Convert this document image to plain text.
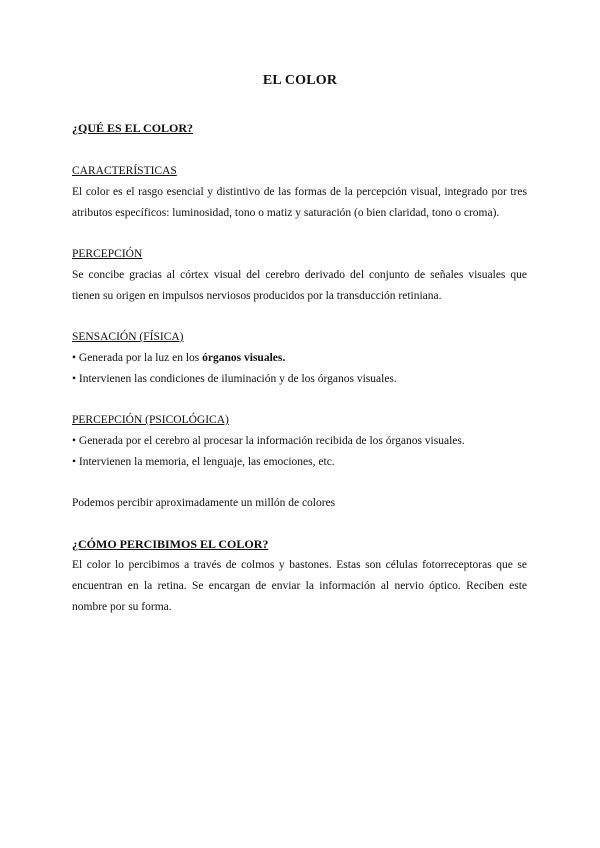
EL COLOR

¿QUÉ ES EL COLOR?

CARACTERÍSTICAS

El color es el rasgo esencial y distintivo de las formas de la percepción visual, integrado por tres atributos específicos: luminosidad, tono o matiz y saturación (o bien claridad, tono o croma).

PERCEPCIÓN

Se concibe gracias al córtex visual del cerebro derivado del conjunto de señales visuales que tienen su origen en impulsos nerviosos producidos por la transducción retiniana.

SENSACIÓN (FÍSICA)

• Generada por la luz en los órganos visuales.

• Intervienen las condiciones de iluminación y de los órganos visuales.

PERCEPCIÓN (PSICOLÓGICA)

• Generada por el cerebro al procesar la información recibida de los órganos visuales.

• Intervienen la memoria, el lenguaje, las emociones, etc.

Podemos percibir aproximadamente un millón de colores

¿CÓMO PERCIBIMOS EL COLOR?

El color lo percibimos a través de colmos y bastones. Estas son células fotorreceptoras que se encuentran en la retina. Se encargan de enviar la información al nervio óptico. Reciben este nombre por su forma.
